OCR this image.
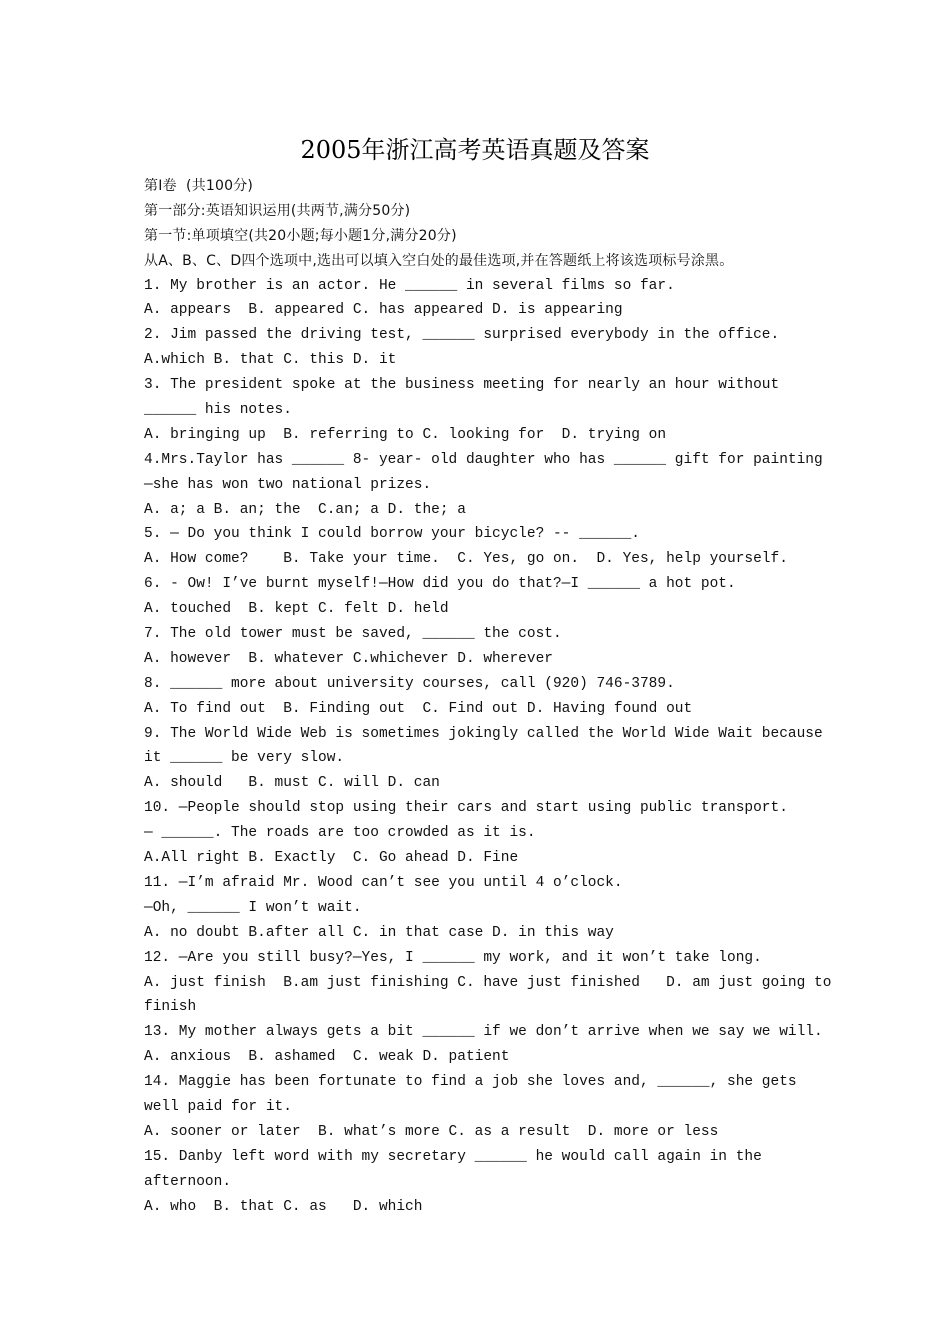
2005年浙江高考英语真题及答案
第Ⅰ卷  (共100分)
第一部分:英语知识运用(共两节,满分50分)
第一节:单项填空(共20小题;每小题1分,满分20分)
从A、B、C、D四个选项中,选出可以填入空白处的最佳选项,并在答题纸上将该选项标号涂黑。
1. My brother is an actor. He ______ in several films so far.
A. appears  B. appeared C. has appeared D. is appearing
2. Jim passed the driving test, ______ surprised everybody in the office.
A.which B. that C. this D. it
3. The president spoke at the business meeting for nearly an hour without
______ his notes.
A. bringing up  B. referring to C. looking for  D. trying on
4.Mrs.Taylor has ______ 8- year- old daughter who has ______ gift for painting
—she has won two national prizes.
A. a; a B. an; the  C.an; a D. the; a
5. — Do you think I could borrow your bicycle? -- ______.
A. How come?    B. Take your time.  C. Yes, go on.  D. Yes, help yourself.
6. - Ow! I’ve burnt myself!—How did you do that?—I ______ a hot pot.
A. touched  B. kept C. felt D. held
7. The old tower must be saved, ______ the cost.
A. however  B. whatever C.whichever D. wherever
8. ______ more about university courses, call (920) 746-3789.
A. To find out  B. Finding out  C. Find out D. Having found out
9. The World Wide Web is sometimes jokingly called the World Wide Wait because
it ______ be very slow.
A. should   B. must C. will D. can
10. —People should stop using their cars and start using public transport.
— ______. The roads are too crowded as it is.
A.All right B. Exactly  C. Go ahead D. Fine
11. —I’m afraid Mr. Wood can’t see you until 4 o’clock.
—Oh, ______ I won’t wait.
A. no doubt B.after all C. in that case D. in this way
12. —Are you still busy?—Yes, I ______ my work, and it won’t take long.
A. just finish  B.am just finishing C. have just finished   D. am just going to
finish
13. My mother always gets a bit ______ if we don’t arrive when we say we will.
A. anxious  B. ashamed  C. weak D. patient
14. Maggie has been fortunate to find a job she loves and, ______, she gets
well paid for it.
A. sooner or later  B. what’s more C. as a result  D. more or less
15. Danby left word with my secretary ______ he would call again in the
afternoon.
A. who  B. that C. as   D. which
